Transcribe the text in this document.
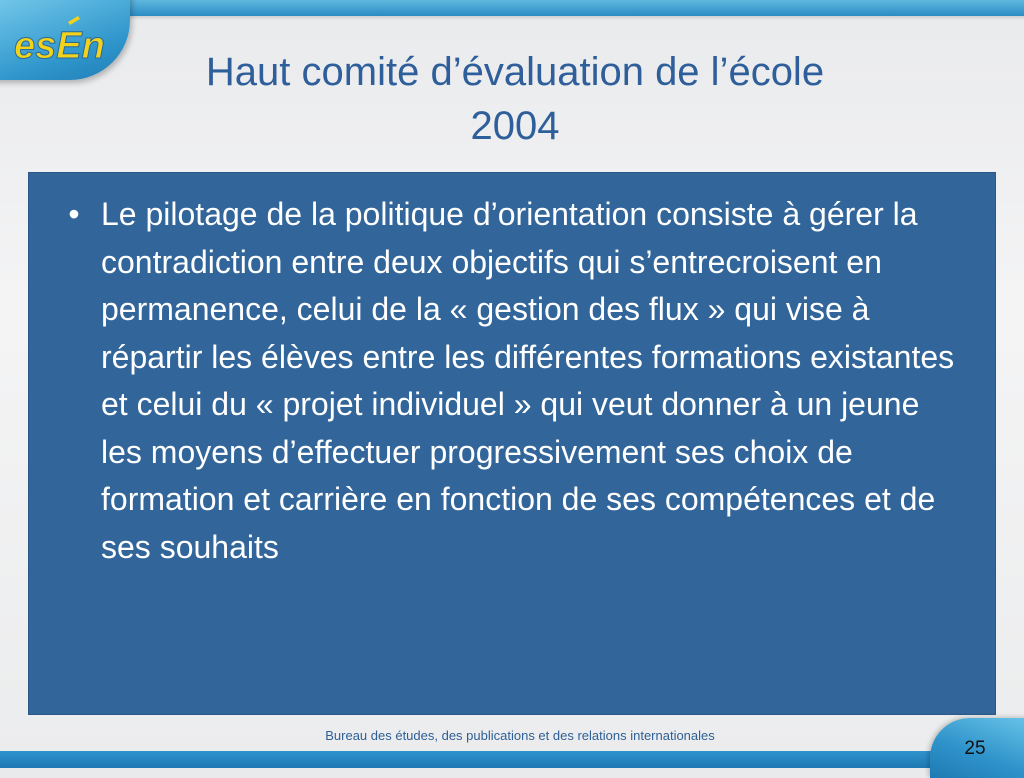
esEn
Haut comité d’évaluation de l’école
2004
• Le pilotage de la politique d’orientation consiste à gérer la contradiction entre deux objectifs qui s’entrecroisent en permanence, celui de la « gestion des flux » qui vise à répartir les élèves entre les différentes formations existantes et celui du « projet individuel » qui veut donner à un jeune les moyens d’effectuer progressivement ses choix de formation et carrière en fonction de ses compétences et de ses souhaits
Bureau des études, des publications et des relations internationales
25
